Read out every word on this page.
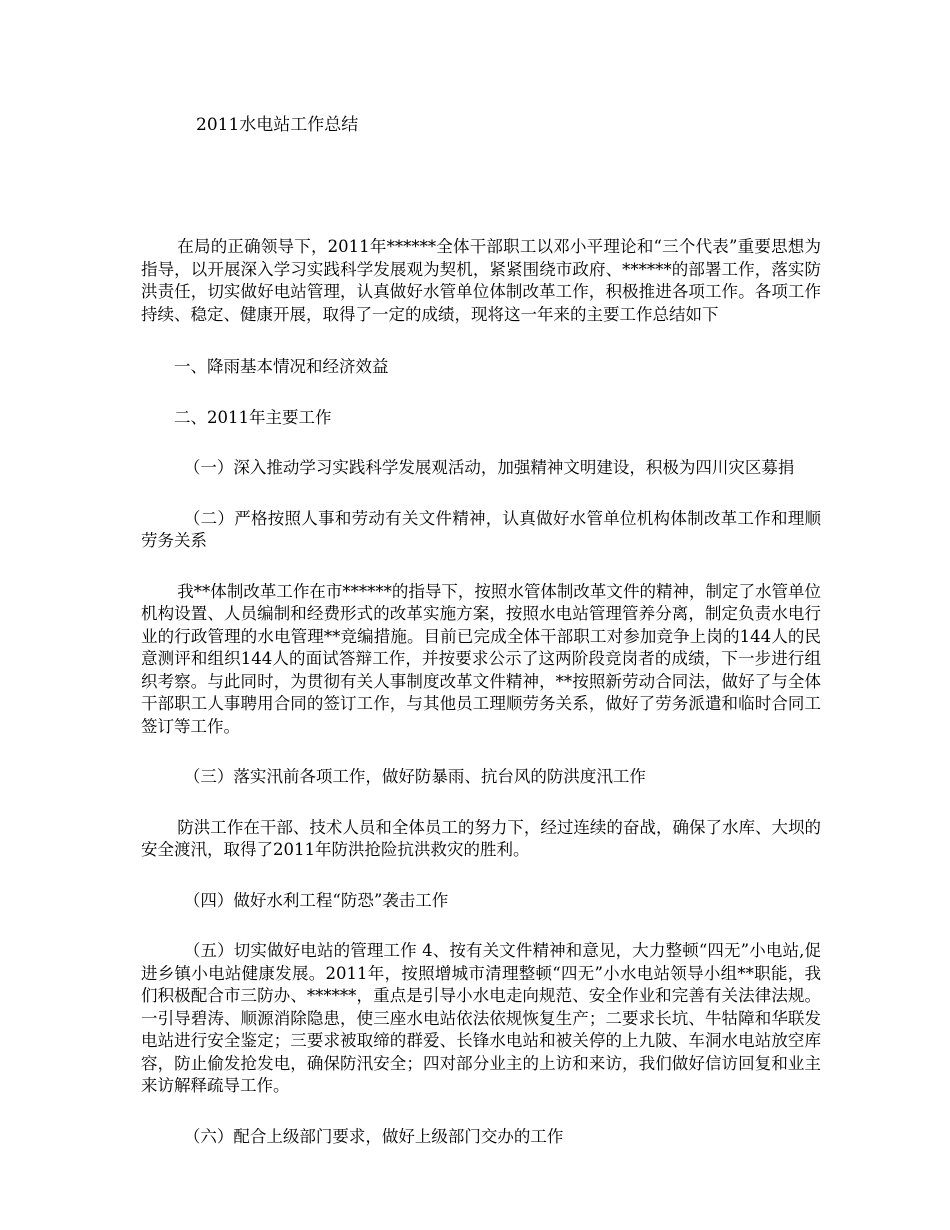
2011水电站工作总结

在局的正确领导下，2011年******全体干部职工以邓小平理论和“三个代表”重要思想为指导，以开展深入学习实践科学发展观为契机，紧紧围绕市政府、******的部署工作，落实防洪责任，切实做好电站管理，认真做好水管单位体制改革工作，积极推进各项工作。各项工作持续、稳定、健康开展，取得了一定的成绩，现将这一年来的主要工作总结如下

一、降雨基本情况和经济效益

二、2011年主要工作

（一）深入推动学习实践科学发展观活动，加强精神文明建设，积极为四川灾区募捐

（二）严格按照人事和劳动有关文件精神，认真做好水管单位机构体制改革工作和理顺劳务关系

我**体制改革工作在市******的指导下，按照水管体制改革文件的精神，制定了水管单位机构设置、人员编制和经费形式的改革实施方案，按照水电站管理管养分离，制定负责水电行业的行政管理的水电管理**竞编措施。目前已完成全体干部职工对参加竞争上岗的144人的民意测评和组织144人的面试答辩工作，并按要求公示了这两阶段竞岗者的成绩，下一步进行组织考察。与此同时，为贯彻有关人事制度改革文件精神，**按照新劳动合同法，做好了与全体干部职工人事聘用合同的签订工作，与其他员工理顺劳务关系，做好了劳务派遣和临时合同工签订等工作。

（三）落实汛前各项工作，做好防暴雨、抗台风的防洪度汛工作

防洪工作在干部、技术人员和全体员工的努力下，经过连续的奋战，确保了水库、大坝的安全渡汛，取得了2011年防洪抢险抗洪救灾的胜利。

（四）做好水利工程“防恐”袭击工作

（五）切实做好电站的管理工作 4、按有关文件精神和意见，大力整顿“四无”小电站,促进乡镇小电站健康发展。2011年，按照增城市清理整顿“四无”小水电站领导小组**职能，我们积极配合市三防办、******，重点是引导小水电走向规范、安全作业和完善有关法律法规。一引导碧涛、顺源消除隐患，使三座水电站依法依规恢复生产；二要求长坑、牛牯障和华联发电站进行安全鉴定；三要求被取缔的群爱、长锋水电站和被关停的上九陂、车洞水电站放空库容，防止偷发抢发电，确保防汛安全；四对部分业主的上访和来访，我们做好信访回复和业主来访解释疏导工作。

（六）配合上级部门要求，做好上级部门交办的工作
